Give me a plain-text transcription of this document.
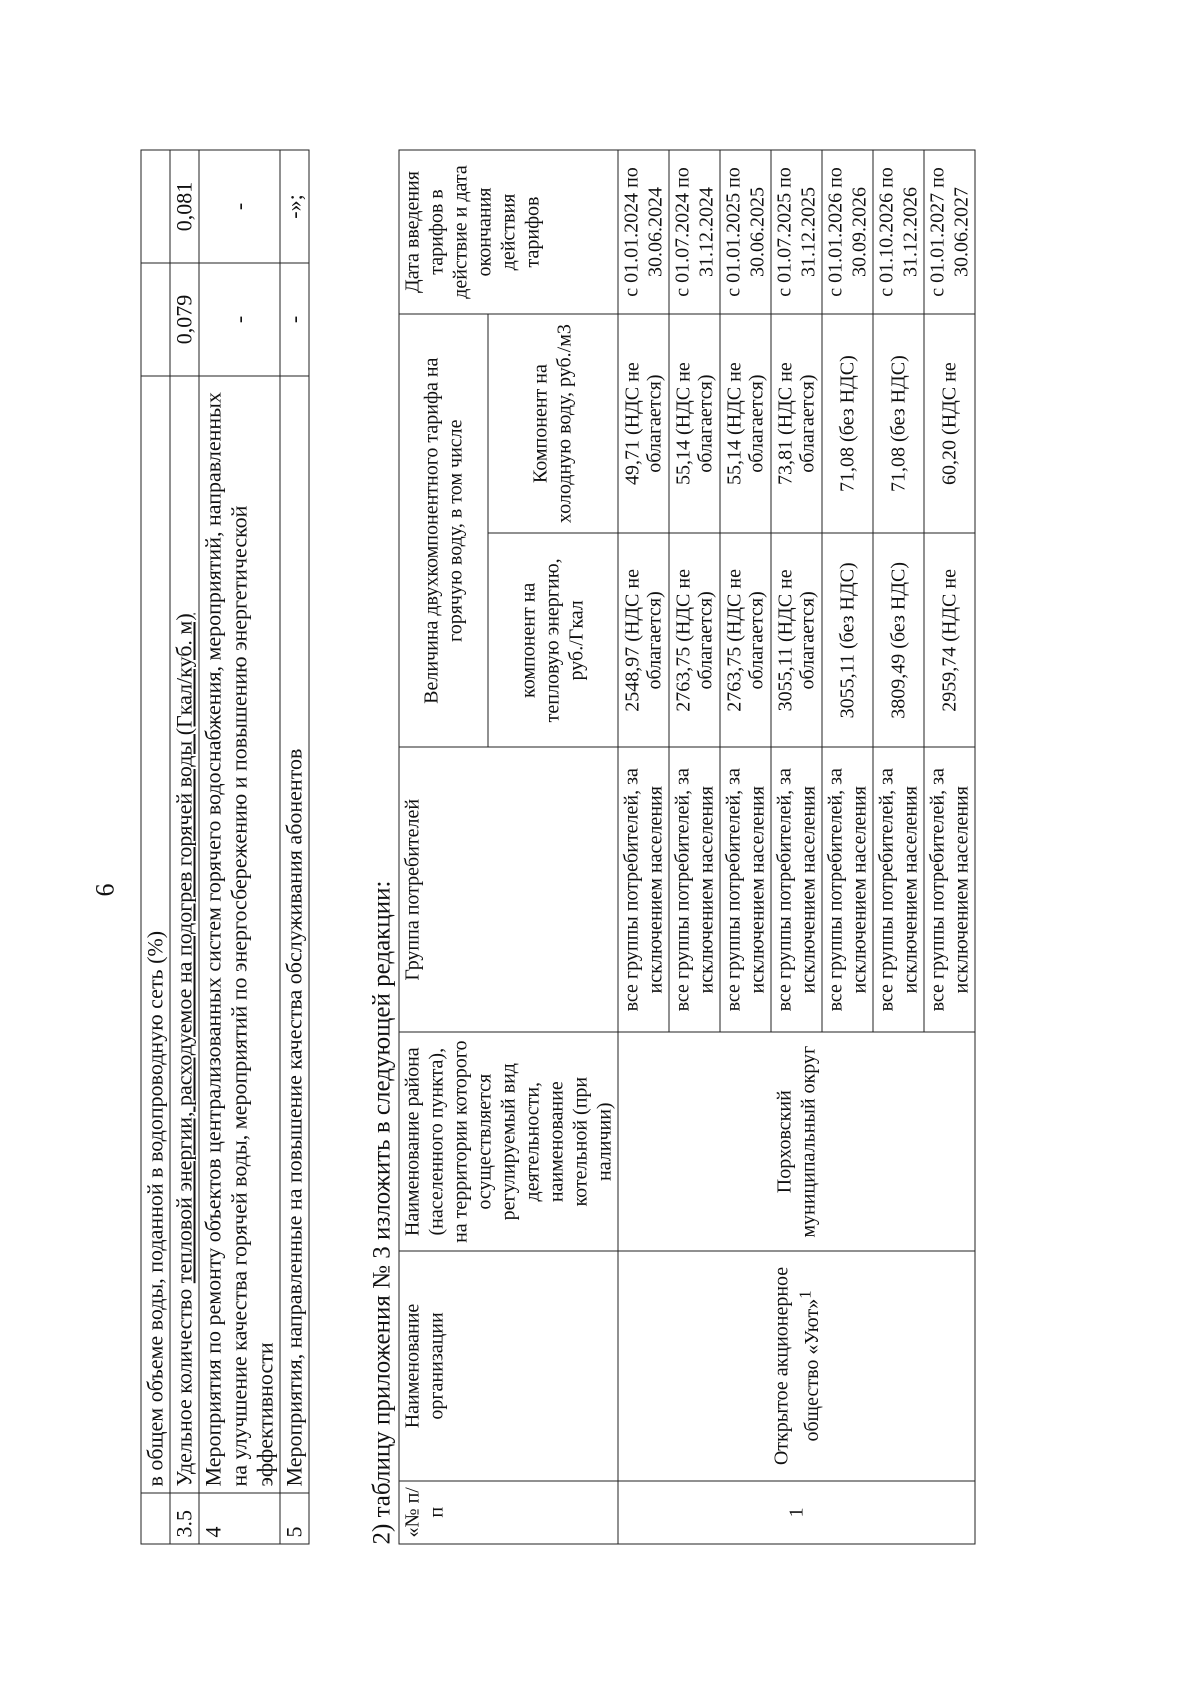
6
	в общем объеме воды, поданной в водопроводную сеть (%)		
3.5	Удельное количество тепловой энергии, расходуемое на подогрев горячей воды (Гкал/куб. м)	0,079	0,081
4	Мероприятия по ремонту объектов централизованных систем горячего водоснабжения, мероприятий, направленных на улучшение качества горячей воды, мероприятий по энергосбережению и повышению энергетической эффективности	-	-
5	Мероприятия, направленные на повышение качества обслуживания абонентов	-	-»;
2) таблицу приложения № 3 изложить в следующей редакции: «№ п/п	Наименование организации	Наименование района (населенного пункта), на территории которого осуществляется регулируемый вид деятельности, наименование котельной (при наличии)	Группа потребителей	Величина двухкомпонентного тарифа на горячую воду, в том числе		Дата введения тарифов в действие и дата окончания действия тарифов
				компонент на тепловую энергию, руб./Гкал	Компонент на холодную воду, руб./м3	
1	Открытое акционерное общество «Уют»$^1$	Порховский муниципальный округ	все группы потребителей, за исключением населения	2548,97 (НДС не облагается)	49,71 (НДС не облагается)	с 01.01.2024 по 30.06.2024
			все группы потребителей, за исключением населения	2763,75 (НДС не облагается)	55,14 (НДС не облагается)	с 01.07.2024 по 31.12.2024
			все группы потребителей, за исключением населения	2763,75 (НДС не облагается)	55,14 (НДС не облагается)	с 01.01.2025 по 30.06.2025
			все группы потребителей, за исключением населения	3055,11 (НДС не облагается)	73,81 (НДС не облагается)	с 01.07.2025 по 31.12.2025
			все группы потребителей, за исключением населения	3055,11 (без НДС)	71,08 (без НДС)	с 01.01.2026 по 30.09.2026
			все группы потребителей, за исключением населения	3809,49 (без НДС)	71,08 (без НДС)	с 01.10.2026 по 31.12.2026
			все группы потребителей, за исключением населения	2959,74 (НДС не	60,20 (НДС не	с 01.01.2027 по 30.06.2027
